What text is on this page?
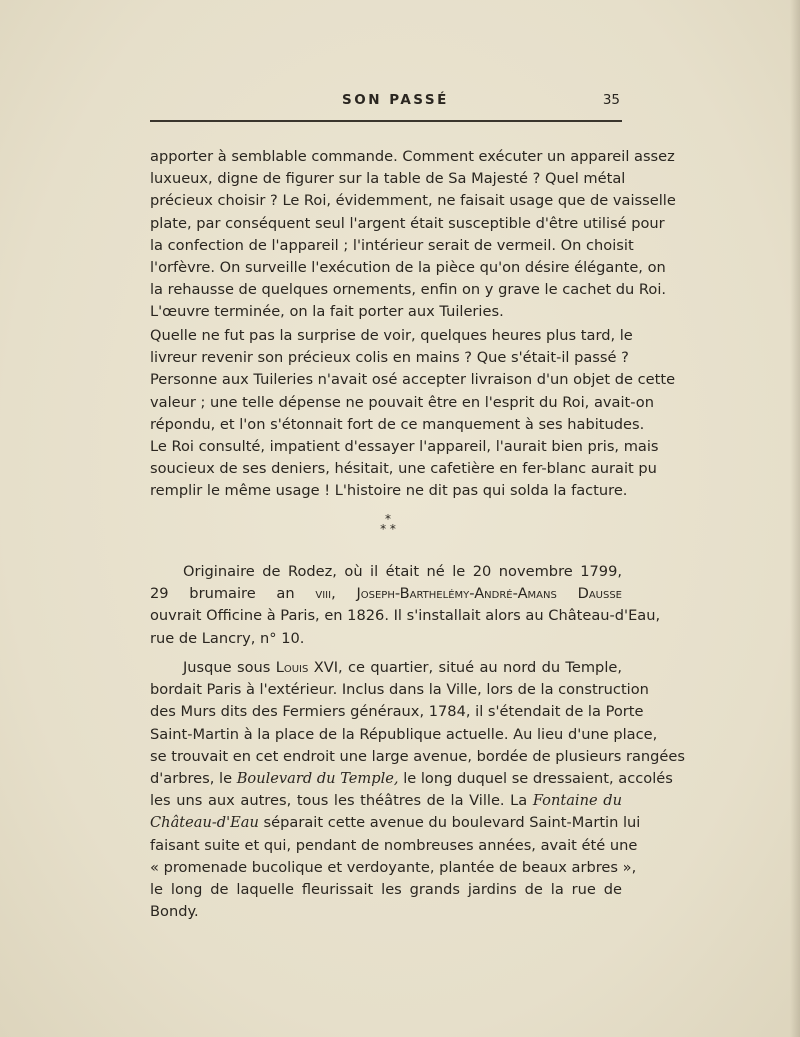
SON PASSÉ	35
apporter à semblable commande. Comment exécuter un appareil assez
luxueux, digne de figurer sur la table de Sa Majesté ? Quel métal
précieux choisir ? Le Roi, évidemment, ne faisait usage que de vaisselle
plate, par conséquent seul l'argent était susceptible d'être utilisé pour
la confection de l'appareil ; l'intérieur serait de vermeil. On choisit
l'orfèvre. On surveille l'exécution de la pièce qu'on désire élégante, on
la rehausse de quelques ornements, enfin on y grave le cachet du Roi.
L'œuvre terminée, on la fait porter aux Tuileries.
Quelle ne fut pas la surprise de voir, quelques heures plus tard, le
livreur revenir son précieux colis en mains ? Que s'était-il passé ?
Personne aux Tuileries n'avait osé accepter livraison d'un objet de cette
valeur ; une telle dépense ne pouvait être en l'esprit du Roi, avait-on
répondu, et l'on s'étonnait fort de ce manquement à ses habitudes.
Le Roi consulté, impatient d'essayer l'appareil, l'aurait bien pris, mais
soucieux de ses deniers, hésitait, une cafetière en fer-blanc aurait pu
remplir le même usage ! L'histoire ne dit pas qui solda la facture.
*
* *
Originaire de Rodez, où il était né le 20 novembre 1799,
29 brumaire an viii, Joseph-Barthelémy-André-Amans Dausse
ouvrait Officine à Paris, en 1826. Il s'installait alors au Château-d'Eau,
rue de Lancry, n° 10.
Jusque sous Louis XVI, ce quartier, situé au nord du Temple,
bordait Paris à l'extérieur. Inclus dans la Ville, lors de la construction
des Murs dits des Fermiers généraux, 1784, il s'étendait de la Porte
Saint-Martin à la place de la République actuelle. Au lieu d'une place,
se trouvait en cet endroit une large avenue, bordée de plusieurs rangées
d'arbres, le Boulevard du Temple, le long duquel se dressaient, accolés
les uns aux autres, tous les théâtres de la Ville. La Fontaine du
Château-d'Eau séparait cette avenue du boulevard Saint-Martin lui
faisant suite et qui, pendant de nombreuses années, avait été une
« promenade bucolique et verdoyante, plantée de beaux arbres »,
le long de laquelle fleurissait les grands jardins de la rue de
Bondy.
